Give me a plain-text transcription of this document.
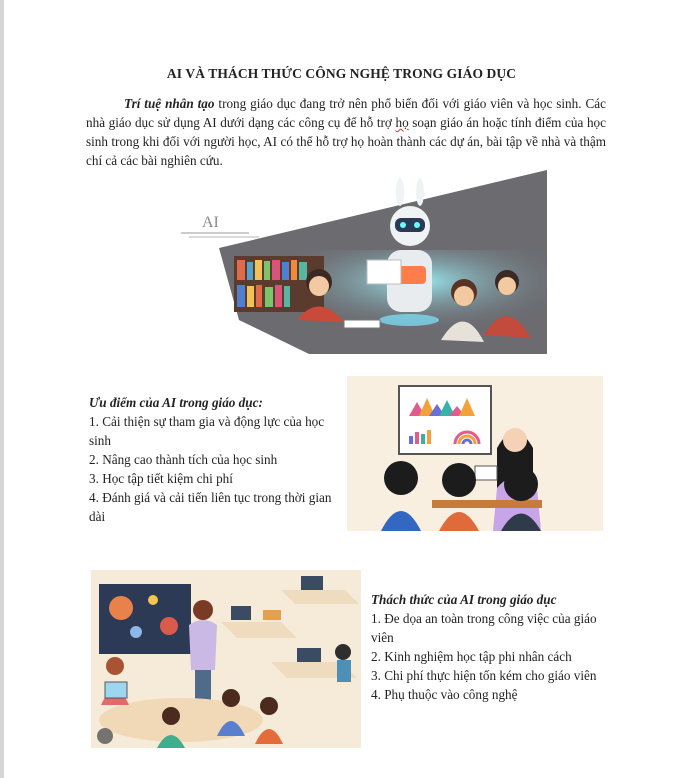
AI VÀ THÁCH THỨC CÔNG NGHỆ TRONG GIÁO DỤC
Trí tuệ nhân tạo trong giáo dục đang trở nên phổ biến đối với giáo viên và học sinh. Các nhà giáo dục sử dụng AI dưới dạng các công cụ để hỗ trợ họ soạn giáo án hoặc tính điểm của học sinh trong khi đối với người học, AI có thể hỗ trợ họ hoàn thành các dự án, bài tập về nhà và thậm chí cả các bài nghiên cứu.
AI
Ưu điểm của AI trong giáo dục:
1. Cải thiện sự tham gia và động lực của học sinh
2. Nâng cao thành tích của học sinh
3. Học tập tiết kiệm chi phí
4. Đánh giá và cải tiến liên tục trong thời gian dài
Thách thức của AI trong giáo dục
1. Đe dọa an toàn trong công việc của giáo viên
2. Kinh nghiệm học tập phi nhân cách
3. Chi phí thực hiện tốn kém cho giáo viên
4. Phụ thuộc vào công nghệ
